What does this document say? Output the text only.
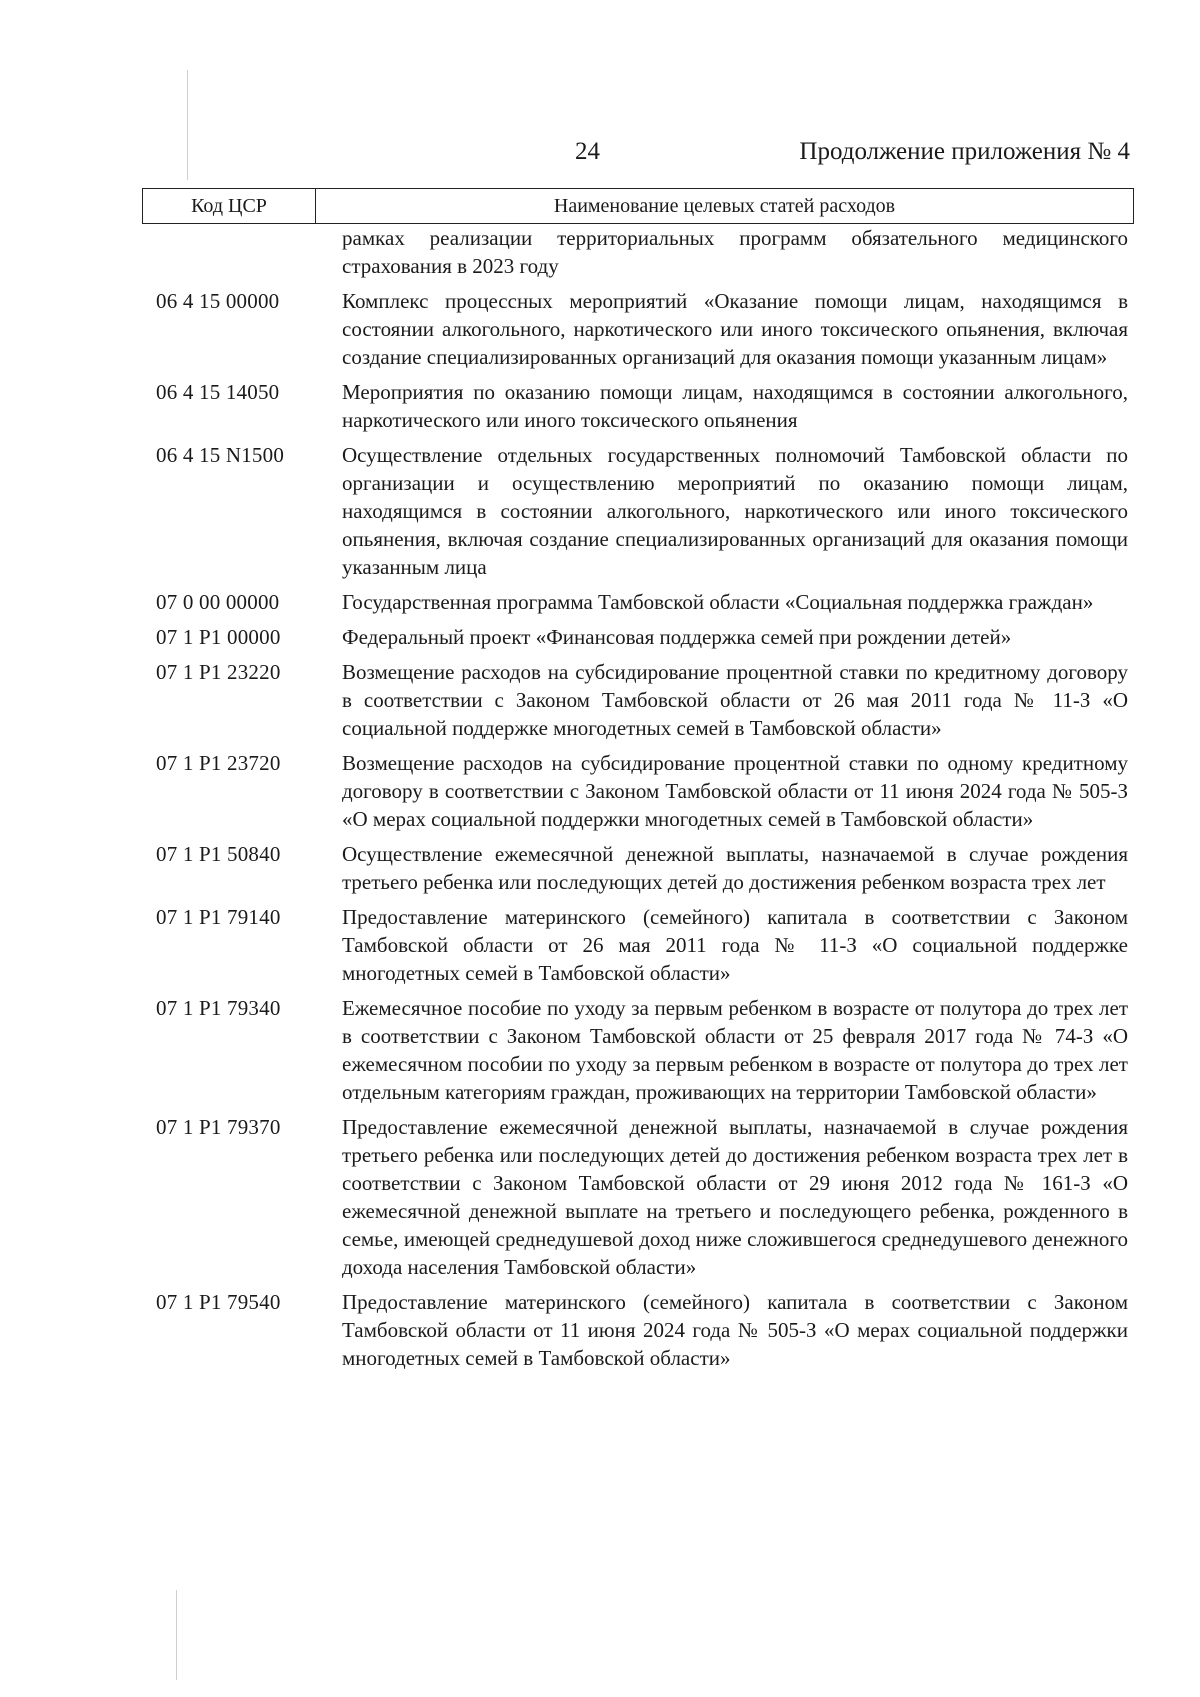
24	Продолжение приложения № 4
Код ЦСР	Наименование целевых статей расходов
рамках реализации территориальных программ обязательного медицинского страхования в 2023 году
06 4 15 00000	Комплекс процессных мероприятий «Оказание помощи лицам, находящимся в состоянии алкогольного, наркотического или иного токсического опьянения, включая создание специализированных организаций для оказания помощи указанным лицам»
06 4 15 14050	Мероприятия по оказанию помощи лицам, находящимся в состоянии алкогольного, наркотического или иного токсического опьянения
06 4 15 N1500	Осуществление отдельных государственных полномочий Тамбовской области по организации и осуществлению мероприятий по оказанию помощи лицам, находящимся в состоянии алкогольного, наркотического или иного токсического опьянения, включая создание специализированных организаций для оказания помощи указанным лица
07 0 00 00000	Государственная программа Тамбовской области «Социальная поддержка граждан»
07 1 P1 00000	Федеральный проект «Финансовая поддержка семей при рождении детей»
07 1 P1 23220	Возмещение расходов на субсидирование процентной ставки по кредитному договору в соответствии с Законом Тамбовской области от 26 мая 2011 года № 11-З «О социальной поддержке многодетных семей в Тамбовской области»
07 1 P1 23720	Возмещение расходов на субсидирование процентной ставки по одному кредитному договору в соответствии с Законом Тамбовской области от 11 июня 2024 года № 505-З «О мерах социальной поддержки многодетных семей в Тамбовской области»
07 1 P1 50840	Осуществление ежемесячной денежной выплаты, назначаемой в случае рождения третьего ребенка или последующих детей до достижения ребенком возраста трех лет
07 1 P1 79140	Предоставление материнского (семейного) капитала в соответствии с Законом Тамбовской области от 26 мая 2011 года № 11-З «О социальной поддержке многодетных семей в Тамбовской области»
07 1 P1 79340	Ежемесячное пособие по уходу за первым ребенком в возрасте от полутора до трех лет в соответствии с Законом Тамбовской области от 25 февраля 2017 года № 74-З «О ежемесячном пособии по уходу за первым ребенком в возрасте от полутора до трех лет отдельным категориям граждан, проживающих на территории Тамбовской области»
07 1 P1 79370	Предоставление ежемесячной денежной выплаты, назначаемой в случае рождения третьего ребенка или последующих детей до достижения ребенком возраста трех лет в соответствии с Законом Тамбовской области от 29 июня 2012 года № 161-З «О ежемесячной денежной выплате на третьего и последующего ребенка, рожденного в семье, имеющей среднедушевой доход ниже сложившегося среднедушевого денежного дохода населения Тамбовской области»
07 1 P1 79540	Предоставление материнского (семейного) капитала в соответствии с Законом Тамбовской области от 11 июня 2024 года № 505-З «О мерах социальной поддержки многодетных семей в Тамбовской области»
